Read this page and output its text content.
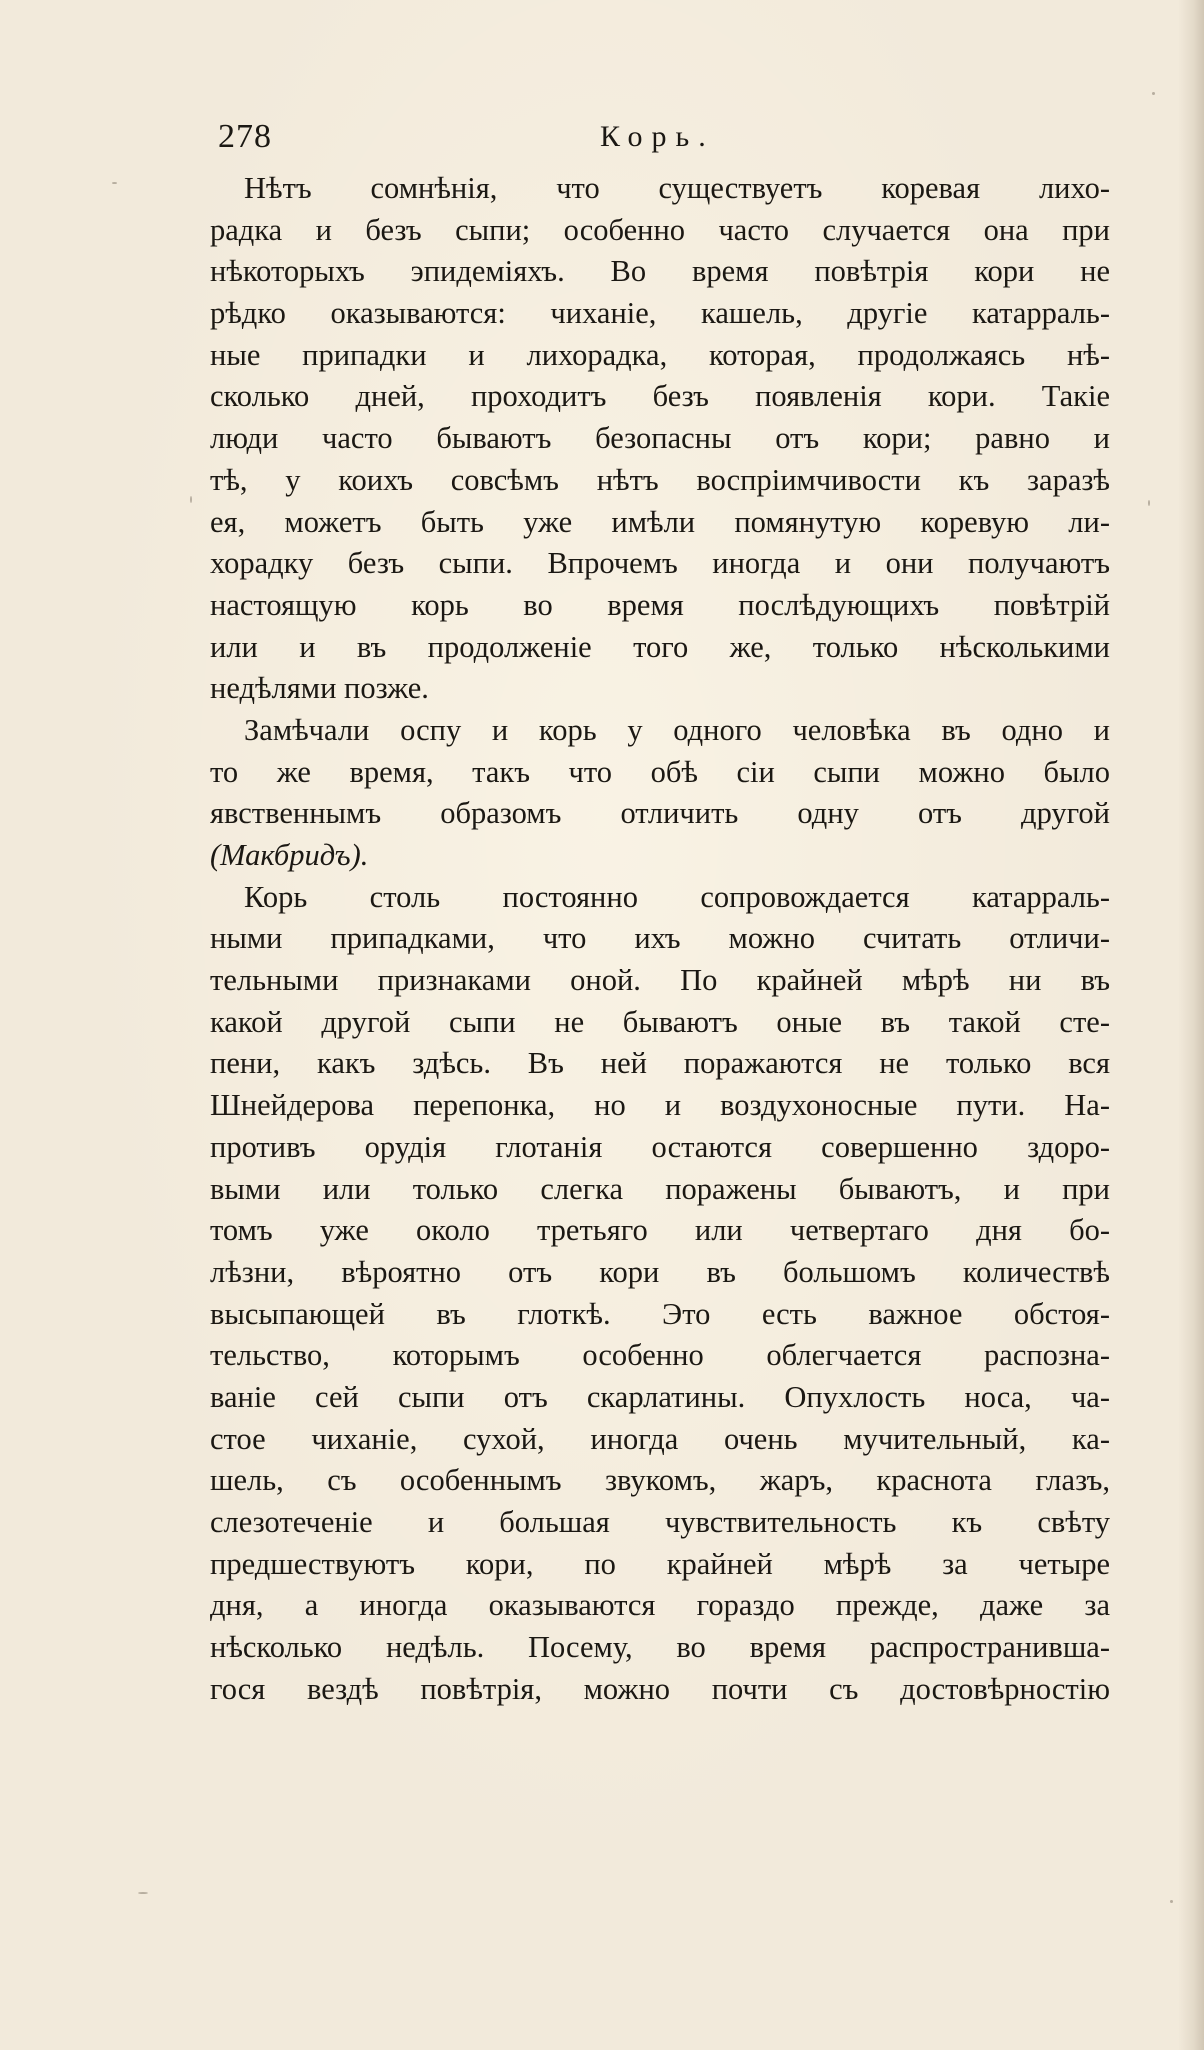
278	Корь.
Нѣтъ сомнѣнія, что существуетъ коревая лихо-
радка и безъ сыпи; особенно часто случается она при
нѣкоторыхъ эпидеміяхъ. Во время повѣтрія кори не
рѣдко оказываются: чиханіе, кашель, другіе катарраль-
ные припадки и лихорадка, которая, продолжаясь нѣ-
сколько дней, проходитъ безъ появленія кори. Такіе
люди часто бываютъ безопасны отъ кори; равно и
тѣ, у коихъ совсѣмъ нѣтъ воспріимчивости къ заразѣ
ея, можетъ быть уже имѣли помянутую коревую ли-
хорадку безъ сыпи. Впрочемъ иногда и они получаютъ
настоящую корь во время послѣдующихъ повѣтрій
или и въ продолженіе того же, только нѣсколькими
недѣлями позже.
Замѣчали оспу и корь у одного человѣка въ одно и
то же время, такъ что обѣ сіи сыпи можно было
явственнымъ образомъ отличить одну отъ другой
(Макбридъ).
Корь столь постоянно сопровождается катарраль-
ными припадками, что ихъ можно считать отличи-
тельными признаками оной. По крайней мѣрѣ ни въ
какой другой сыпи не бываютъ оные въ такой сте-
пени, какъ здѣсь. Въ ней поражаются не только вся
Шнейдерова перепонка, но и воздухоносные пути. На-
противъ орудія глотанія остаются совершенно здоро-
выми или только слегка поражены бываютъ, и при
томъ уже около третьяго или четвертаго дня бо-
лѣзни, вѣроятно отъ кори въ большомъ количествѣ
высыпающей въ глоткѣ. Это есть важное обстоя-
тельство, которымъ особенно облегчается распозна-
ваніе сей сыпи отъ скарлатины. Опухлость носа, ча-
стое чиханіе, сухой, иногда очень мучительный, ка-
шель, съ особеннымъ звукомъ, жаръ, краснота глазъ,
слезотеченіе и большая чувствительность къ свѣту
предшествуютъ кори, по крайней мѣрѣ за четыре
дня, а иногда оказываются гораздо прежде, даже за
нѣсколько недѣль. Посему, во время распространивша-
гося вездѣ повѣтрія, можно почти съ достовѣрностію
